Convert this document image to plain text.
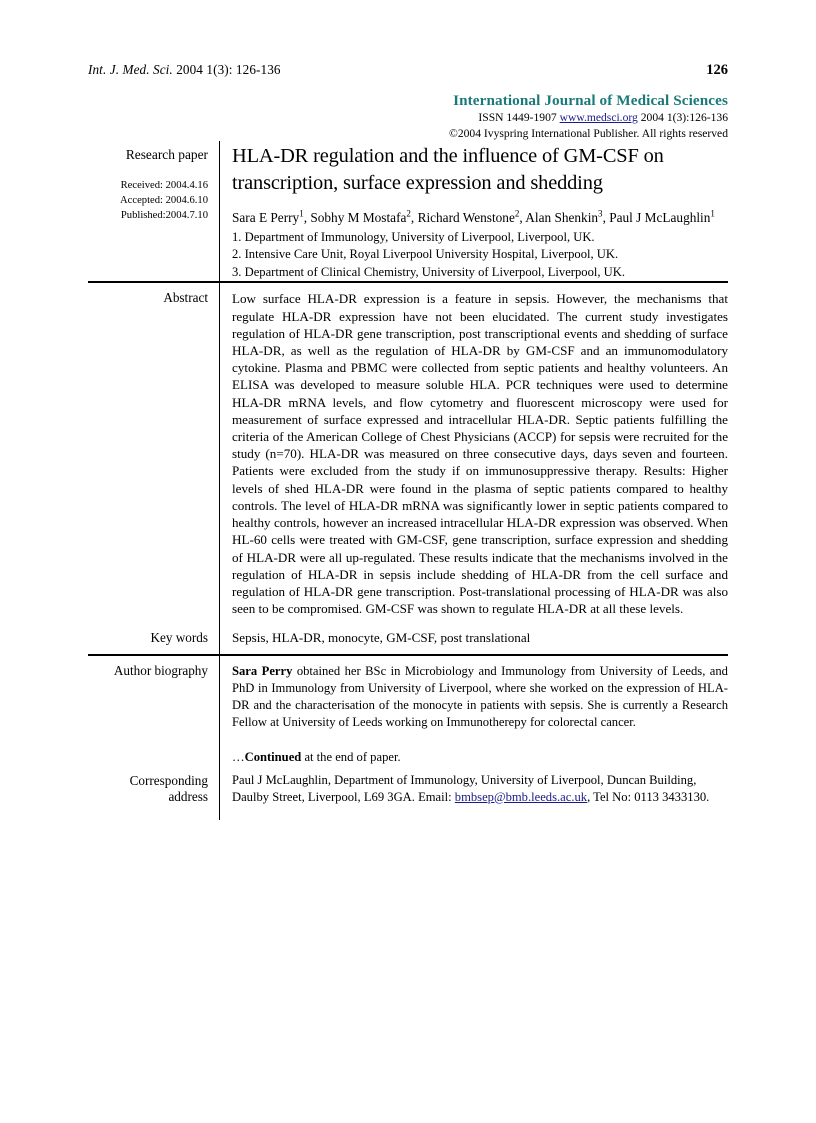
Int. J. Med. Sci. 2004 1(3): 126-136	126
International Journal of Medical Sciences
ISSN 1449-1907 www.medsci.org 2004 1(3):126-136
©2004 Ivyspring International Publisher. All rights reserved
Research paper
Received: 2004.4.16
Accepted: 2004.6.10
Published:2004.7.10
HLA-DR regulation and the influence of GM-CSF on transcription, surface expression and shedding
Sara E Perry$^1$, Sobhy M Mostafa$^2$, Richard Wenstone$^2$, Alan Shenkin$^3$, Paul J McLaughlin$^1$
1. Department of Immunology, University of Liverpool, Liverpool, UK.
2. Intensive Care Unit, Royal Liverpool University Hospital, Liverpool, UK.
3. Department of Clinical Chemistry, University of Liverpool, Liverpool, UK.
Abstract Low surface HLA-DR expression is a feature in sepsis. However, the mechanisms that regulate HLA-DR expression have not been elucidated. The current study investigates regulation of HLA-DR gene transcription, post transcriptional events and shedding of surface HLA-DR, as well as the regulation of HLA-DR by GM-CSF and an immunomodulatory cytokine. Plasma and PBMC were collected from septic patients and healthy volunteers. An ELISA was developed to measure soluble HLA. PCR techniques were used to determine HLA-DR mRNA levels, and flow cytometry and fluorescent microscopy were used for measurement of surface expressed and intracellular HLA-DR. Septic patients fulfilling the criteria of the American College of Chest Physicians (ACCP) for sepsis were recruited for the study (n=70). HLA-DR was measured on three consecutive days, days seven and fourteen. Patients were excluded from the study if on immunosuppressive therapy. Results: Higher levels of shed HLA-DR were found in the plasma of septic patients compared to healthy controls. The level of HLA-DR mRNA was significantly lower in septic patients compared to healthy controls, however an increased intracellular HLA-DR expression was observed. When HL-60 cells were treated with GM-CSF, gene transcription, surface expression and shedding of HLA-DR were all up-regulated. These results indicate that the mechanisms involved in the regulation of HLA-DR in sepsis include shedding of HLA-DR from the cell surface and regulation of HLA-DR gene transcription. Post-translational processing of HLA-DR was also seen to be compromised. GM-CSF was shown to regulate HLA-DR at all these levels.
Key words Sepsis, HLA-DR, monocyte, GM-CSF, post translational
Author biography Sara Perry obtained her BSc in Microbiology and Immunology from University of Leeds, and PhD in Immunology from University of Liverpool, where she worked on the expression of HLA-DR and the characterisation of the monocyte in patients with sepsis. She is currently a Research Fellow at University of Leeds working on Immunotherepy for colorectal cancer.
…Continued at the end of paper.
Corresponding
address
Paul J McLaughlin, Department of Immunology, University of Liverpool, Duncan Building, Daulby Street, Liverpool, L69 3GA. Email: bmbsep@bmb.leeds.ac.uk, Tel No: 0113 3433130.
